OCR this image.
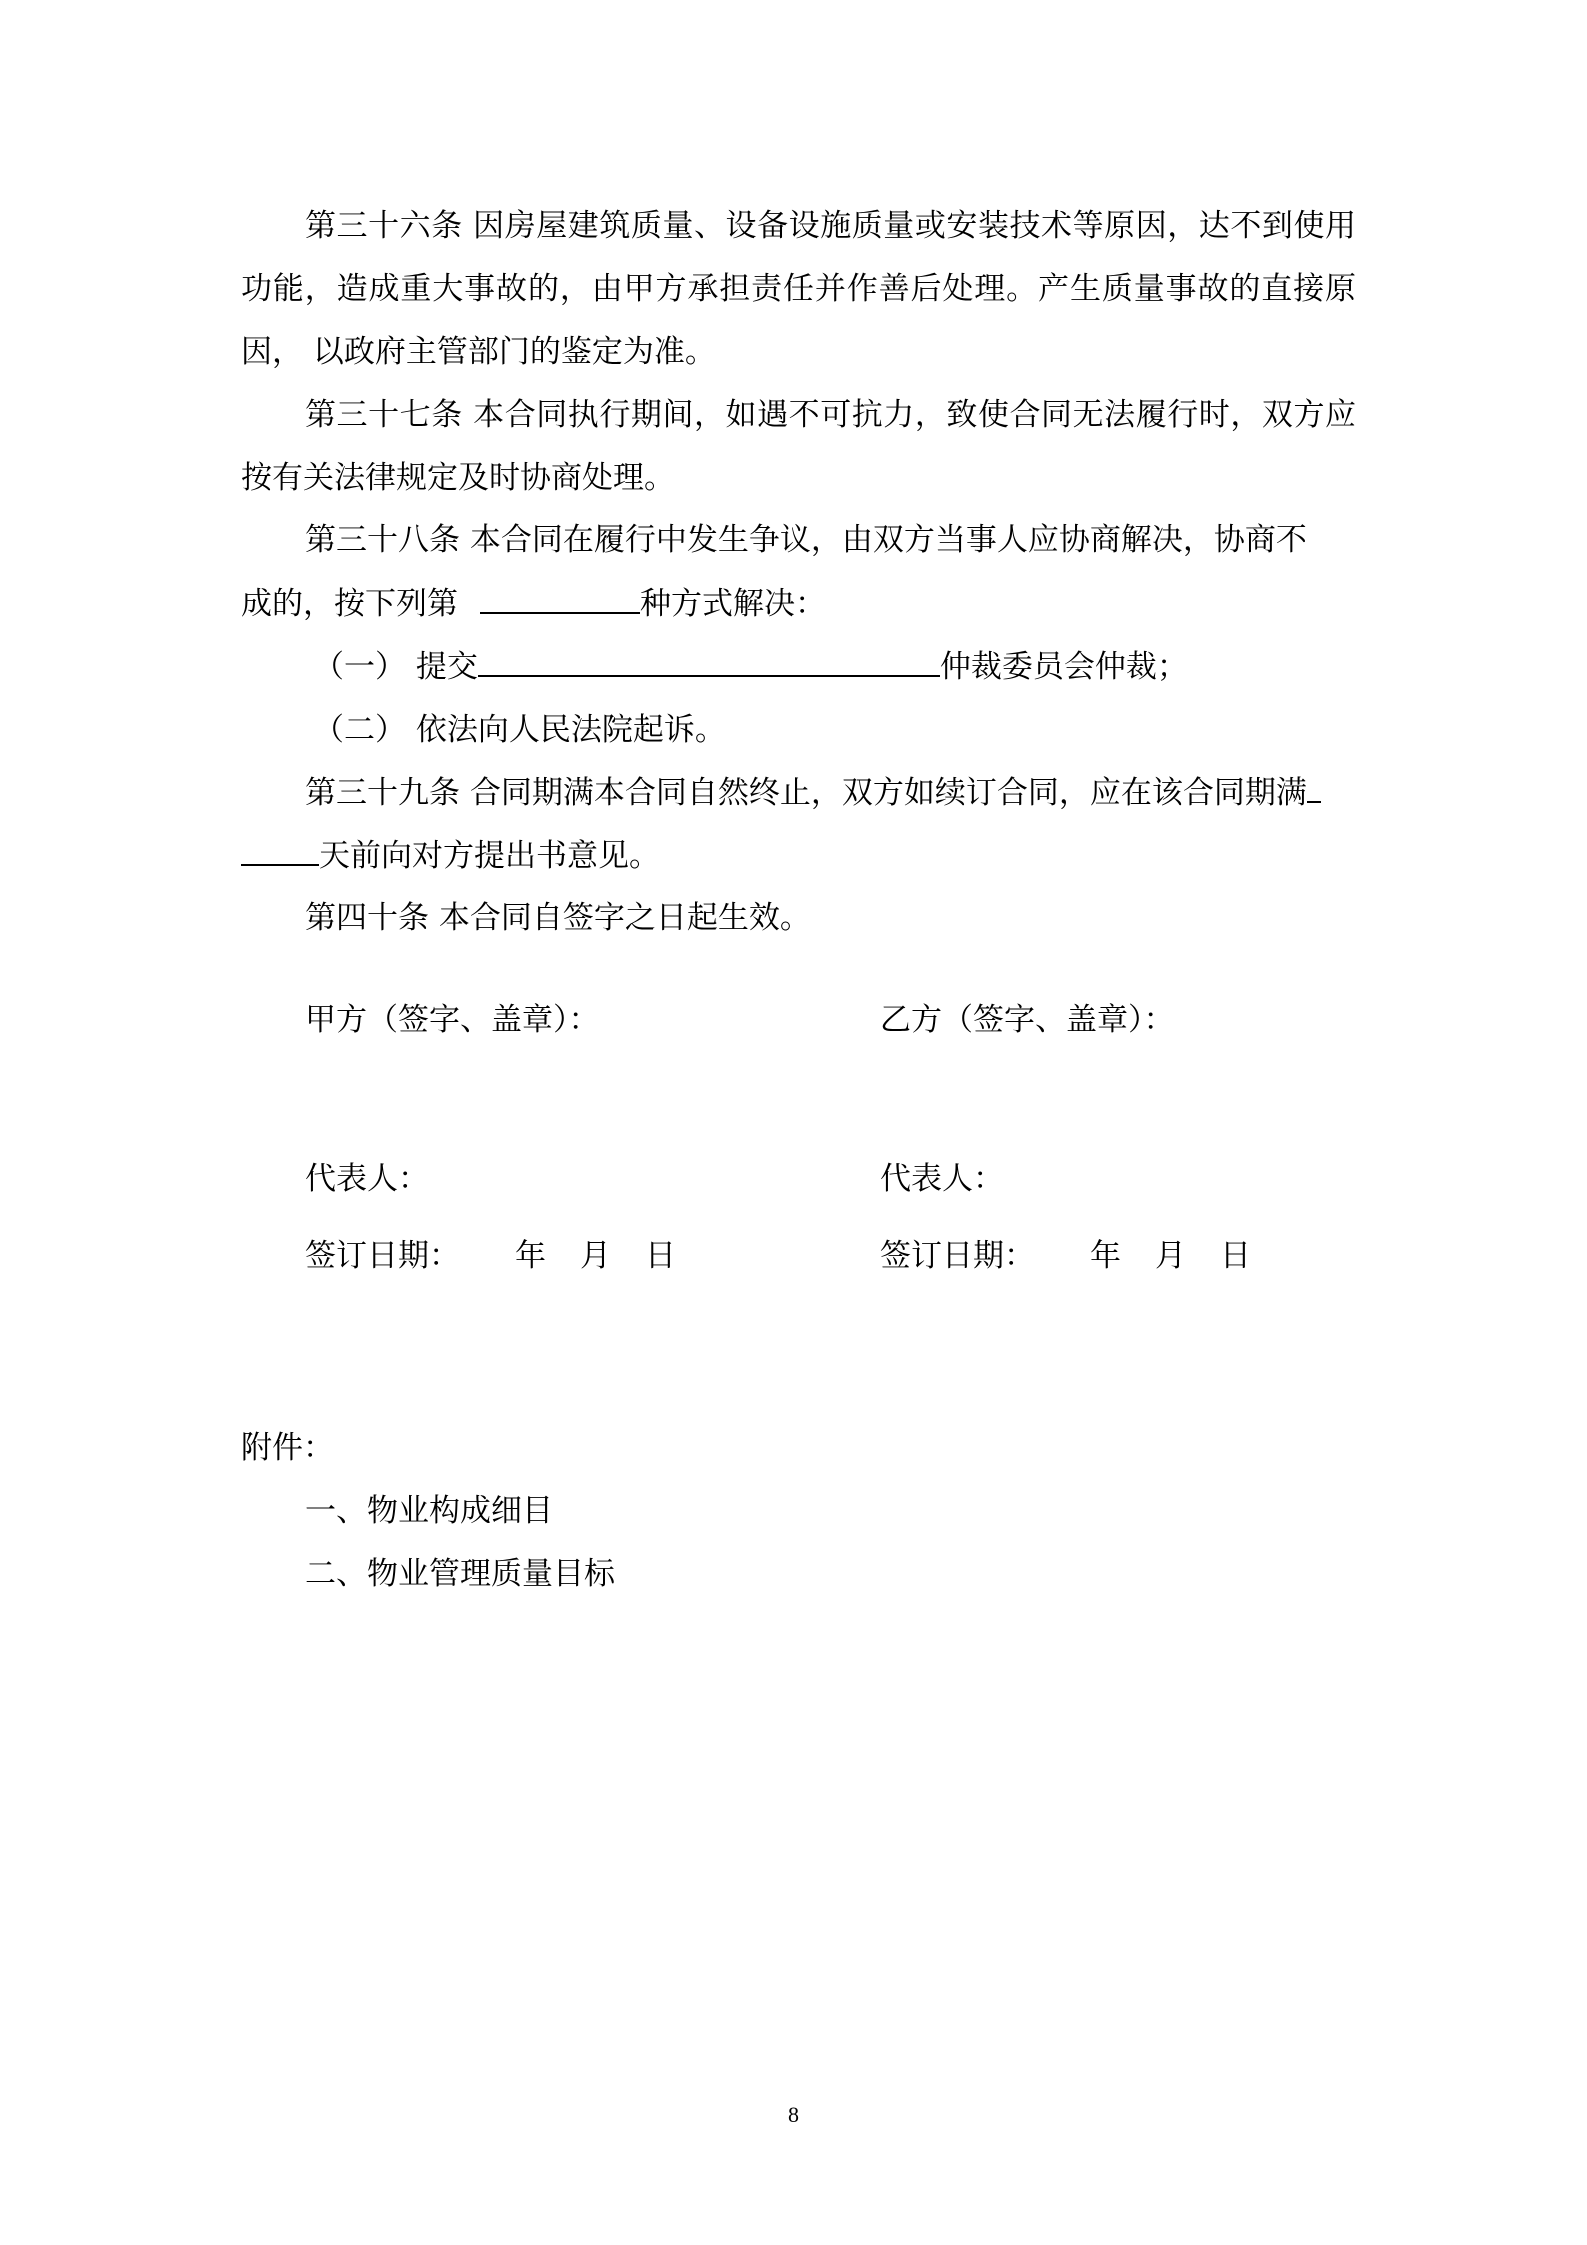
第三十六条 因房屋建筑质量、设备设施质量或安装技术等原因，达不到使用功能，造成重大事故的，由甲方承担责任并作善后处理。产生质量事故的直接原因， 以政府主管部门的鉴定为准。

第三十七条 本合同执行期间，如遇不可抗力，致使合同无法履行时，双方应按有关法律规定及时协商处理。

第三十八条 本合同在履行中发生争议，由双方当事人应协商解决，协商不
成的，按下列第	种方式解决：
（一） 提交	仲裁委员会仲裁；
（二） 依法向人民法院起诉。
第三十九条 合同期满本合同自然终止，双方如续订合同，应在该合同期满
天前向对方提出书意见。
第四十条 本合同自签字之日起生效。
甲方（签字、盖章）：	乙方（签字、盖章）：
代表人：	代表人：
签订日期： 年 月 日	签订日期： 年 月 日
附件：
一、物业构成细目
二、物业管理质量目标
8
